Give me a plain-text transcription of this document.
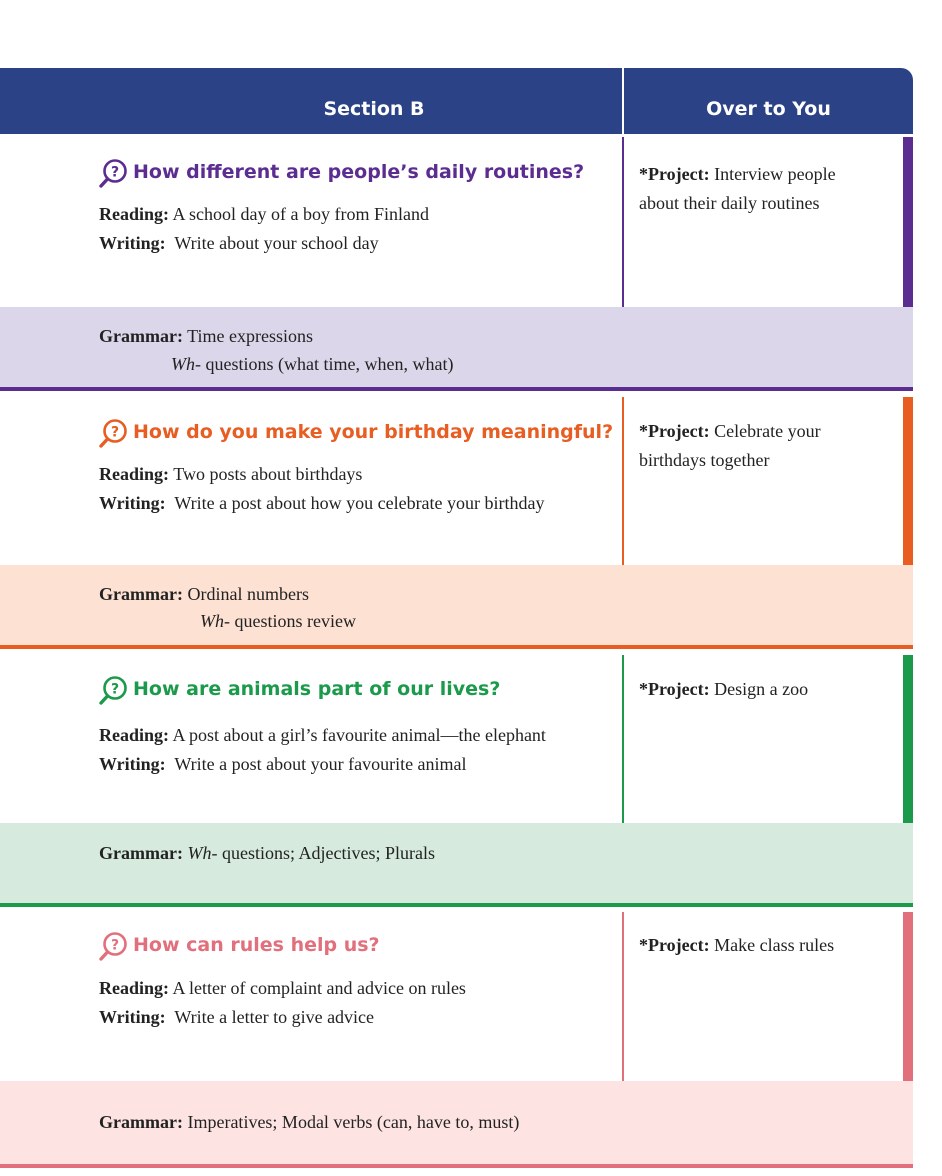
Section B	Over to You
? How different are people’s daily routines?
Reading: A school day of a boy from Finland
Writing: Write about your school day
*Project: Interview people about their daily routines
Grammar: Time expressions
Wh- questions (what time, when, what)
? How do you make your birthday meaningful?
Reading: Two posts about birthdays
Writing: Write a post about how you celebrate your birthday
*Project: Celebrate your birthdays together
Grammar: Ordinal numbers
Wh- questions review
? How are animals part of our lives?
Reading: A post about a girl’s favourite animal—the elephant
Writing: Write a post about your favourite animal
*Project: Design a zoo
Grammar: Wh- questions; Adjectives; Plurals
? How can rules help us?
Reading: A letter of complaint and advice on rules
Writing: Write a letter to give advice
*Project: Make class rules
Grammar: Imperatives; Modal verbs (can, have to, must)
